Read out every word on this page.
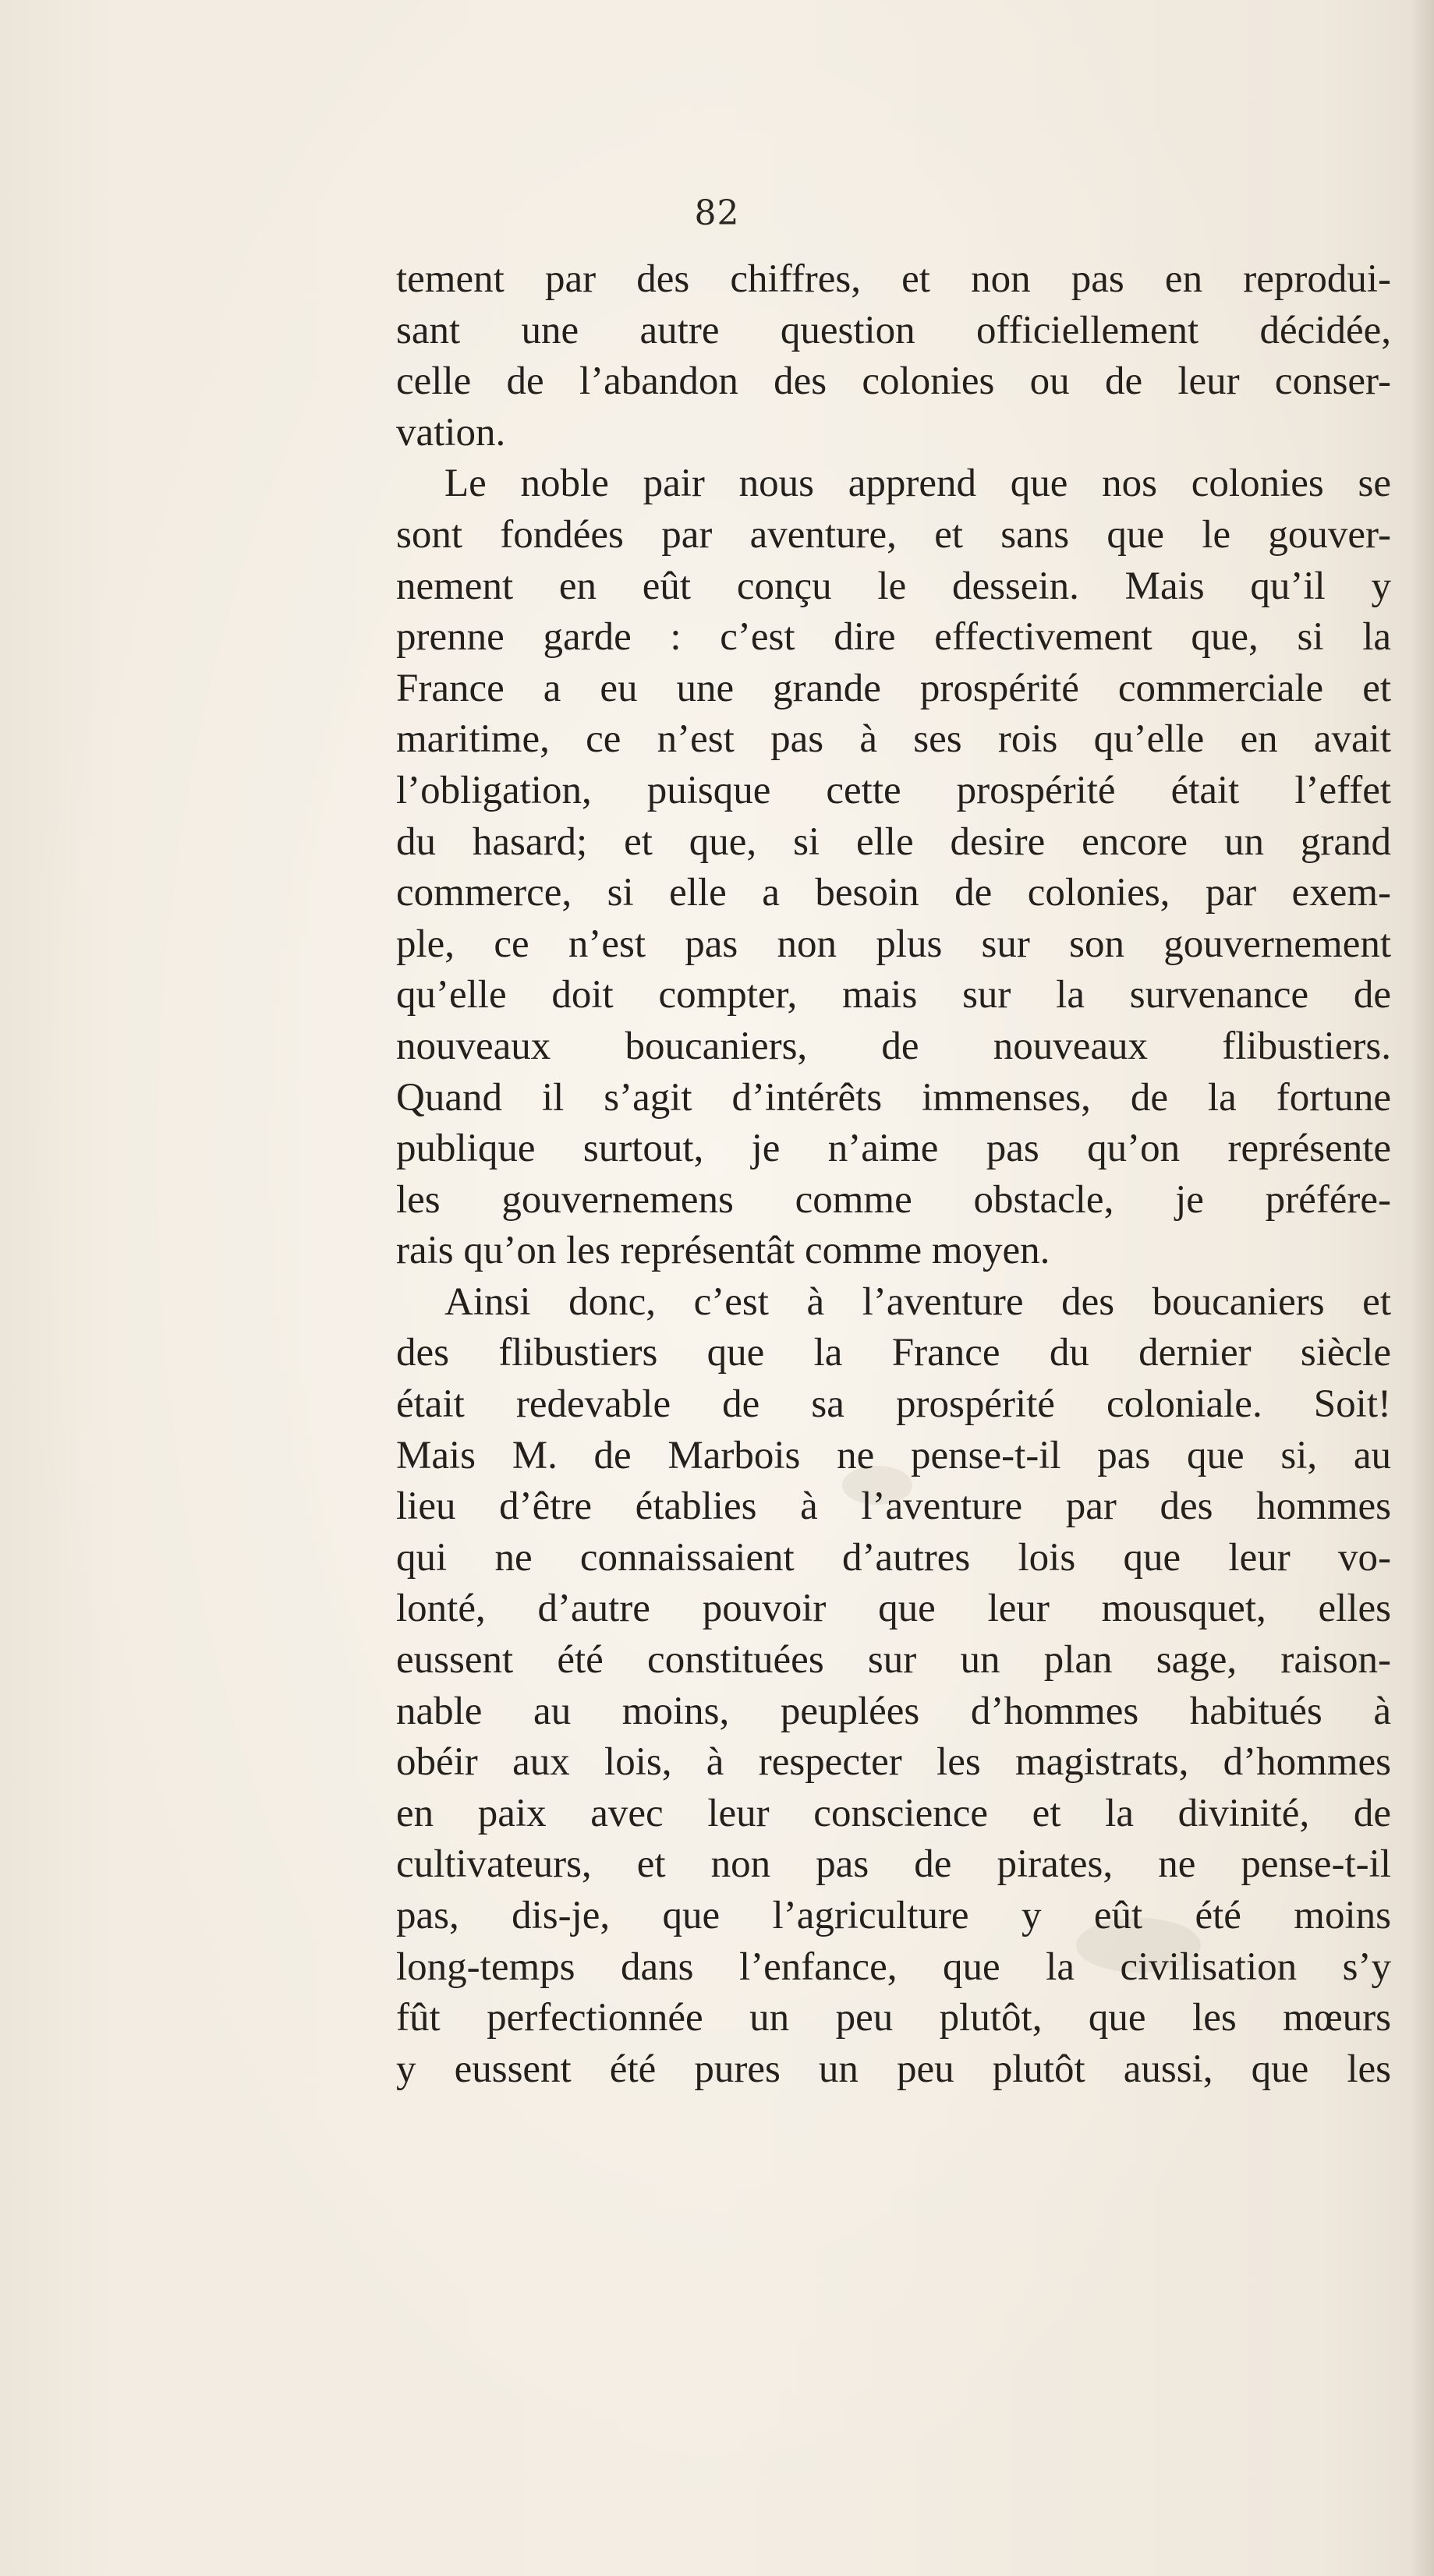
82
tement par des chiffres, et non pas en reprodui-
sant une autre question officiellement décidée,
celle de l’abandon des colonies ou de leur conser-
vation.
Le noble pair nous apprend que nos colonies se
sont fondées par aventure, et sans que le gouver-
nement en eût conçu le dessein. Mais qu’il y
prenne garde : c’est dire effectivement que, si la
France a eu une grande prospérité commerciale et
maritime, ce n’est pas à ses rois qu’elle en avait
l’obligation, puisque cette prospérité était l’effet
du hasard; et que, si elle desire encore un grand
commerce, si elle a besoin de colonies, par exem-
ple, ce n’est pas non plus sur son gouvernement
qu’elle doit compter, mais sur la survenance de
nouveaux boucaniers, de nouveaux flibustiers.
Quand il s’agit d’intérêts immenses, de la fortune
publique surtout, je n’aime pas qu’on représente
les gouvernemens comme obstacle, je préfére-
rais qu’on les représentât comme moyen.
Ainsi donc, c’est à l’aventure des boucaniers et
des flibustiers que la France du dernier siècle
était redevable de sa prospérité coloniale. Soit!
Mais M. de Marbois ne pense-t-il pas que si, au
lieu d’être établies à l’aventure par des hommes
qui ne connaissaient d’autres lois que leur vo-
lonté, d’autre pouvoir que leur mousquet, elles
eussent été constituées sur un plan sage, raison-
nable au moins, peuplées d’hommes habitués à
obéir aux lois, à respecter les magistrats, d’hommes
en paix avec leur conscience et la divinité, de
cultivateurs, et non pas de pirates, ne pense-t-il
pas, dis-je, que l’agriculture y eût été moins
long-temps dans l’enfance, que la civilisation s’y
fût perfectionnée un peu plutôt, que les mœurs
y eussent été pures un peu plutôt aussi, que les
